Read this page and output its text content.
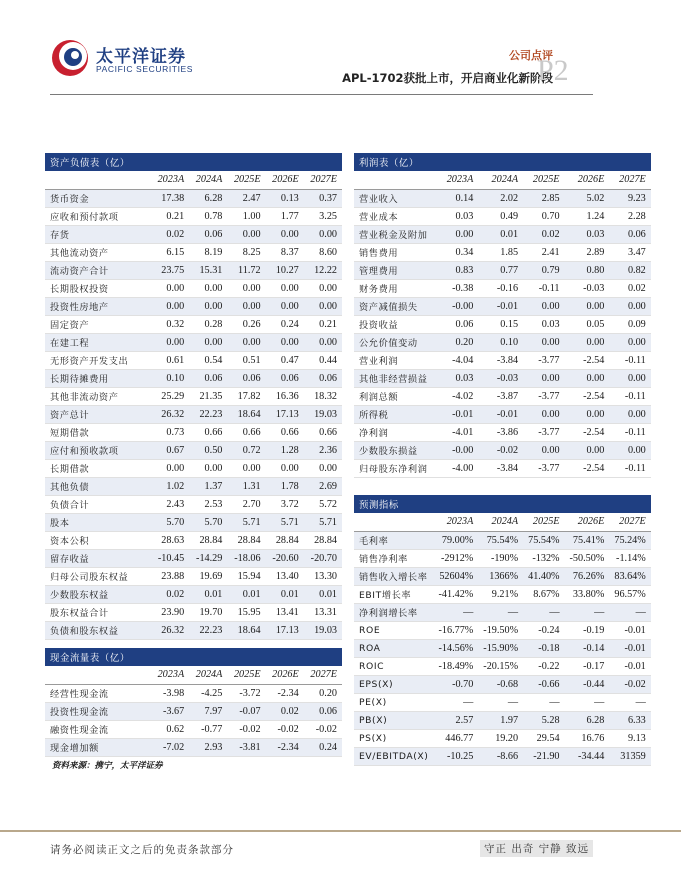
太平洋证券
PACIFIC SECURITIES
公司点评
APL-1702获批上市，开启商业化新阶段
P2
资产负债表（亿）					
	2023A	2024A	2025E	2026E	2027E
货币资金	17.38	6.28	2.47	0.13	0.37
应收和预付款项	0.21	0.78	1.00	1.77	3.25
存货	0.02	0.06	0.00	0.00	0.00
其他流动资产	6.15	8.19	8.25	8.37	8.60
流动资产合计	23.75	15.31	11.72	10.27	12.22
长期股权投资	0.00	0.00	0.00	0.00	0.00
投资性房地产	0.00	0.00	0.00	0.00	0.00
固定资产	0.32	0.28	0.26	0.24	0.21
在建工程	0.00	0.00	0.00	0.00	0.00
无形资产开发支出	0.61	0.54	0.51	0.47	0.44
长期待摊费用	0.10	0.06	0.06	0.06	0.06
其他非流动资产	25.29	21.35	17.82	16.36	18.32
资产总计	26.32	22.23	18.64	17.13	19.03
短期借款	0.73	0.66	0.66	0.66	0.66
应付和预收款项	0.67	0.50	0.72	1.28	2.36
长期借款	0.00	0.00	0.00	0.00	0.00
其他负债	1.02	1.37	1.31	1.78	2.69
负债合计	2.43	2.53	2.70	3.72	5.72
股本	5.70	5.70	5.71	5.71	5.71
资本公积	28.63	28.84	28.84	28.84	28.84
留存收益	-10.45	-14.29	-18.06	-20.60	-20.70
归母公司股东权益	23.88	19.69	15.94	13.40	13.30
少数股东权益	0.02	0.01	0.01	0.01	0.01
股东权益合计	23.90	19.70	15.95	13.41	13.31
负债和股东权益	26.32	22.23	18.64	17.13	19.03
利润表（亿）					
	2023A	2024A	2025E	2026E	2027E
营业收入	0.14	2.02	2.85	5.02	9.23
营业成本	0.03	0.49	0.70	1.24	2.28
营业税金及附加	0.00	0.01	0.02	0.03	0.06
销售费用	0.34	1.85	2.41	2.89	3.47
管理费用	0.83	0.77	0.79	0.80	0.82
财务费用	-0.38	-0.16	-0.11	-0.03	0.02
资产减值损失	-0.00	-0.01	0.00	0.00	0.00
投资收益	0.06	0.15	0.03	0.05	0.09
公允价值变动	0.20	0.10	0.00	0.00	0.00
营业利润	-4.04	-3.84	-3.77	-2.54	-0.11
其他非经营损益	0.03	-0.03	0.00	0.00	0.00
利润总额	-4.02	-3.87	-3.77	-2.54	-0.11
所得税	-0.01	-0.01	0.00	0.00	0.00
净利润	-4.01	-3.86	-3.77	-2.54	-0.11
少数股东损益	-0.00	-0.02	0.00	0.00	0.00
归母股东净利润	-4.00	-3.84	-3.77	-2.54	-0.11

预测指标					
	2023A	2024A	2025E	2026E	2027E
毛利率	79.00%	75.54%	75.54%	75.41%	75.24%
销售净利率	-2912%	-190%	-132%	-50.50%	-1.14%
销售收入增长率	52604%	1366%	41.40%	76.26%	83.64%
EBIT增长率	-41.42%	9.21%	8.67%	33.80%	96.57%
净利润增长率	—	—	—	—	—
ROE	-16.77%	-19.50%	-0.24	-0.19	-0.01
ROA	-14.56%	-15.90%	-0.18	-0.14	-0.01
ROIC	-18.49%	-20.15%	-0.22	-0.17	-0.01
EPS(X)	-0.70	-0.68	-0.66	-0.44	-0.02
PE(X)	—	—	—	—	—
PB(X)	2.57	1.97	5.28	6.28	6.33
PS(X)	446.77	19.20	29.54	16.76	9.13
EV/EBITDA(X)	-10.25	-8.66	-21.90	-34.44	31359
现金流量表（亿）					
	2023A	2024A	2025E	2026E	2027E
经营性现金流	-3.98	-4.25	-3.72	-2.34	0.20
投资性现金流	-3.67	7.97	-0.07	0.02	0.06
融资性现金流	0.62	-0.77	-0.02	-0.02	-0.02
现金增加额	-7.02	2.93	-3.81	-2.34	0.24
资料来源：携宁，太平洋证券
请务必阅读正文之后的免责条款部分	守正 出奇 宁静 致远
